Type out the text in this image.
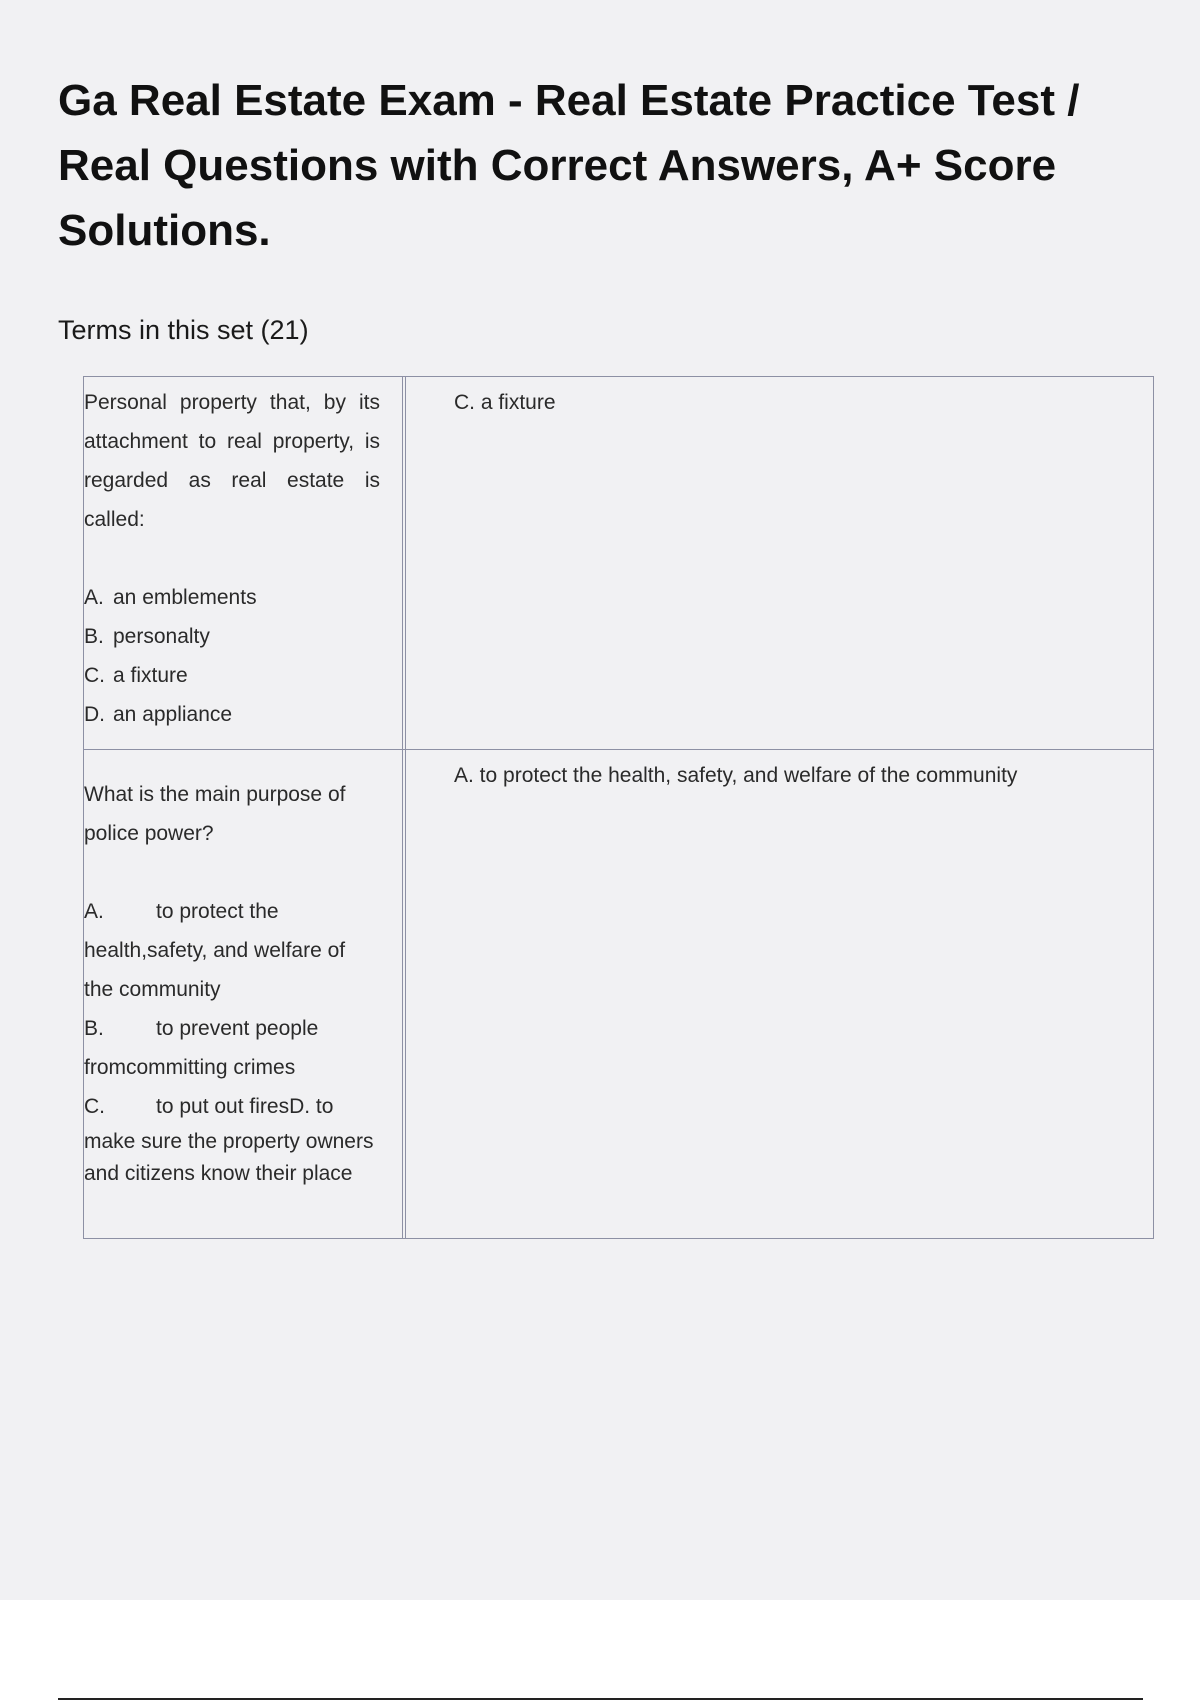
Ga Real Estate Exam - Real Estate Practice Test / Real Questions with Correct Answers, A+ Score Solutions.

Terms in this set (21)

Personal property that, by its attachment to real property, is regarded as real estate is called:

A. an emblements
B. personalty
C. a fixture
D. an appliance
C. a fixture

What is the main purpose of police power?

A. to protect the
health,safety, and welfare of the community
B. to prevent people
fromcommitting crimes
C. to put out firesD. to
make sure the property owners and citizens know their place
A. to protect the health, safety, and welfare of the community
